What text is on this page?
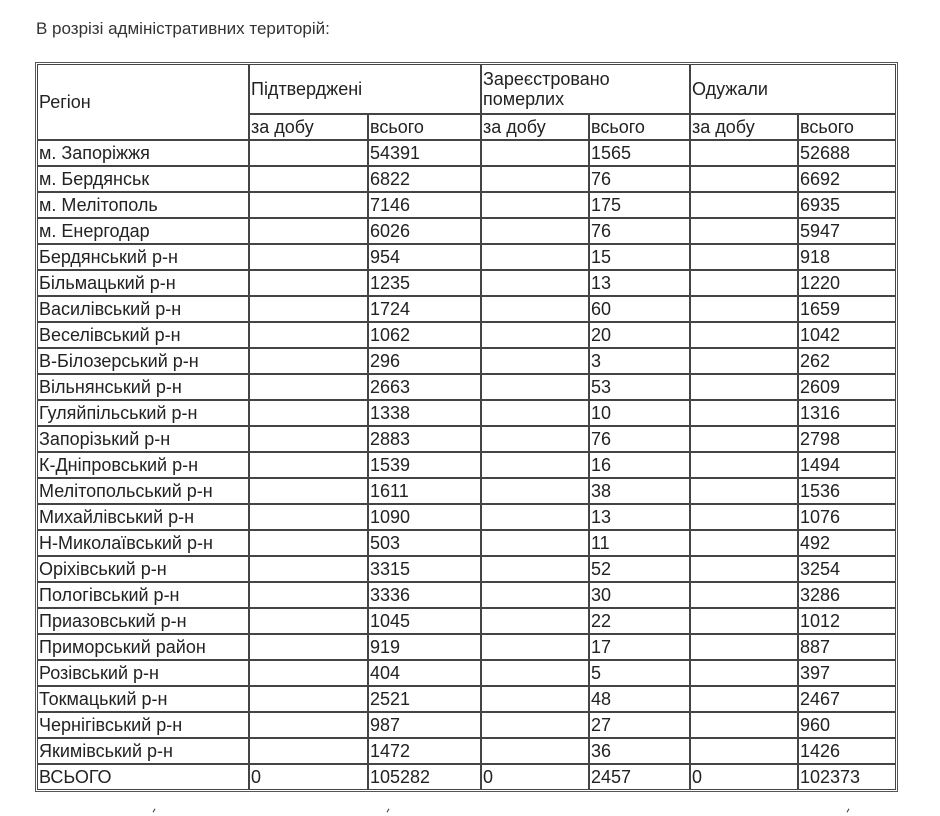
В розрізі адміністративних територій:
Регіон	Підтверджені		Зареєстровано померлих		Одужали	
	за добу	всього	за добу	всього	за добу	всього
м. Запоріжжя		54391		1565		52688
м. Бердянськ		6822		76		6692
м. Мелітополь		7146		175		6935
м. Енергодар		6026		76		5947
Бердянський р-н		954		15		918
Більмацький р-н		1235		13		1220
Василівський р-н		1724		60		1659
Веселівський р-н		1062		20		1042
В-Білозерський р-н		296		3		262
Вільнянський р-н		2663		53		2609
Гуляйпільський р-н		1338		10		1316
Запорізький р-н		2883		76		2798
К-Дніпровський р-н		1539		16		1494
Мелітопольський р-н		1611		38		1536
Михайлівський р-н		1090		13		1076
Н-Миколаївський р-н		503		11		492
Оріхівський р-н		3315		52		3254
Пологівський р-н		3336		30		3286
Приазовський р-н		1045		22		1012
Приморський район		919		17		887
Розівський р-н		404		5		397
Токмацький р-н		2521		48		2467
Чернігівський р-н		987		27		960
Якимівський р-н		1472		36		1426
ВСЬОГО	0	105282	0	2457	0	102373
